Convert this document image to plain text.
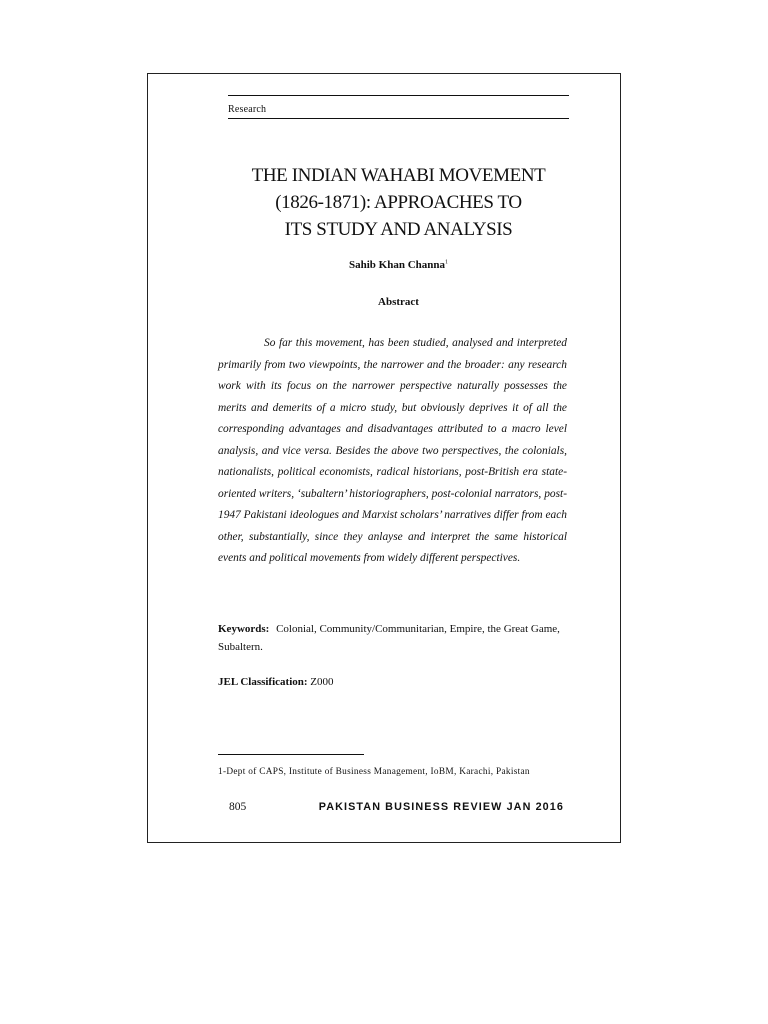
Research
THE INDIAN WAHABI MOVEMENT
(1826-1871): APPROACHES TO
ITS STUDY AND ANALYSIS
Sahib Khan Channa$^1$
Abstract

So far this movement, has been studied, analysed and interpreted primarily from two viewpoints, the narrower and the broader: any research work with its focus on the narrower perspective naturally possesses the merits and demerits of a micro study, but obviously deprives it of all the corresponding advantages and disadvantages attributed to a macro level analysis, and vice versa. Besides the above two perspectives, the colonials, nationalists, political economists, radical historians, post-British era state-oriented writers, ‘subaltern’ historiographers, post-colonial narrators, post-1947 Pakistani ideologues and Marxist scholars’ narratives differ from each other, substantially, since they anlayse and interpret the same historical events and political movements from widely different perspectives.

Keywords: Colonial, Community/Communitarian, Empire, the Great Game, Subaltern.

JEL Classification: Z000

1-Dept of CAPS, Institute of Business Management, IoBM, Karachi, Pakistan
805	PAKISTAN BUSINESS REVIEW JAN 2016
